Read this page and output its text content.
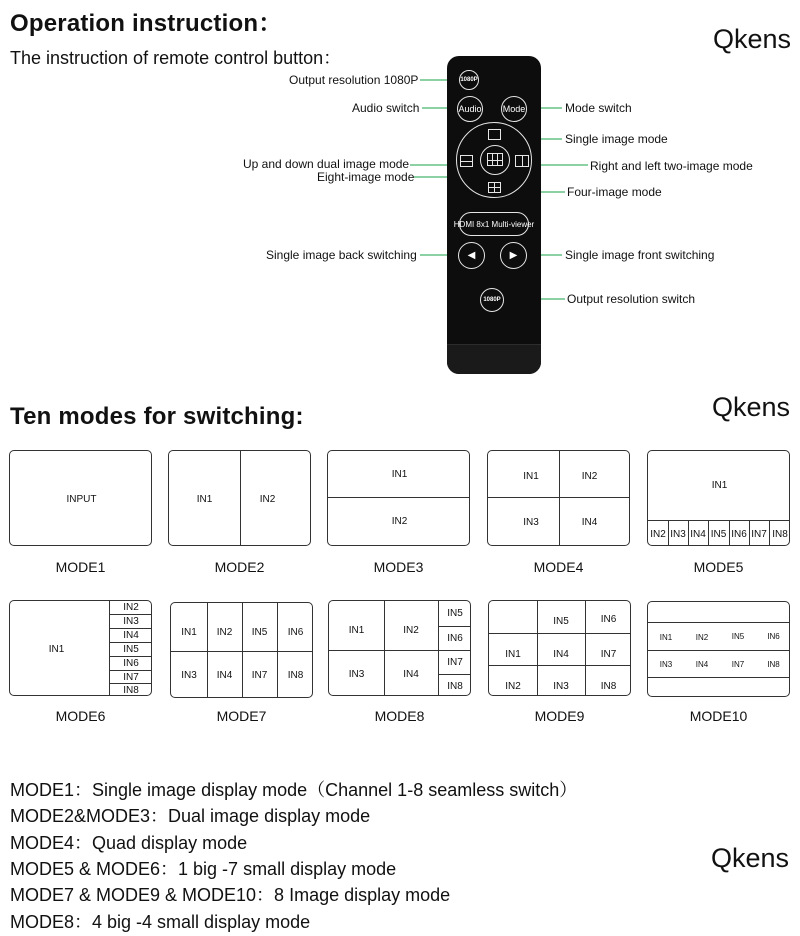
Operation instruction：
The instruction of remote control button：
Qkens
Output resolution 1080P
Audio switch	Mode switch
Single image mode
Up and down dual image mode	Right and left two-image mode
Eight-image mode
Four-image mode
Single image back switching	Single image front switching
Output resolution switch
1080P
Audio Mode
HDMI 8x1 Multi-viewer
◀	▶
1080P
Ten modes for switching:	Qkens
INPUT
MODE1
IN1	IN2
MODE2
IN1
IN2
MODE3
IN1	IN2
IN3	IN4
MODE4
IN1
IN2 IN3 IN4 IN5 IN6 IN7 IN8
MODE5
IN1
IN2
IN3
IN4
IN5
IN6
IN7
IN8
MODE6
IN1	IN2	IN5	IN6
IN3	IN4	IN7	IN8
MODE7
IN1	IN2
IN5
IN6
IN3	IN4
IN7
IN8
MODE8
IN5	IN6
IN1	IN4	IN7
IN2	IN3	IN8
MODE9
IN1	IN2	IN5	IN6
IN3	IN4	IN7	IN8
MODE10
MODE1：Single image display mode（Channel 1-8 seamless switch）
MODE2&MODE3：Dual image display mode
MODE4：Quad display mode
MODE5 & MODE6：1 big -7 small display mode
MODE7 & MODE9 & MODE10：8 Image display mode
MODE8：4 big -4 small display mode
Qkens
